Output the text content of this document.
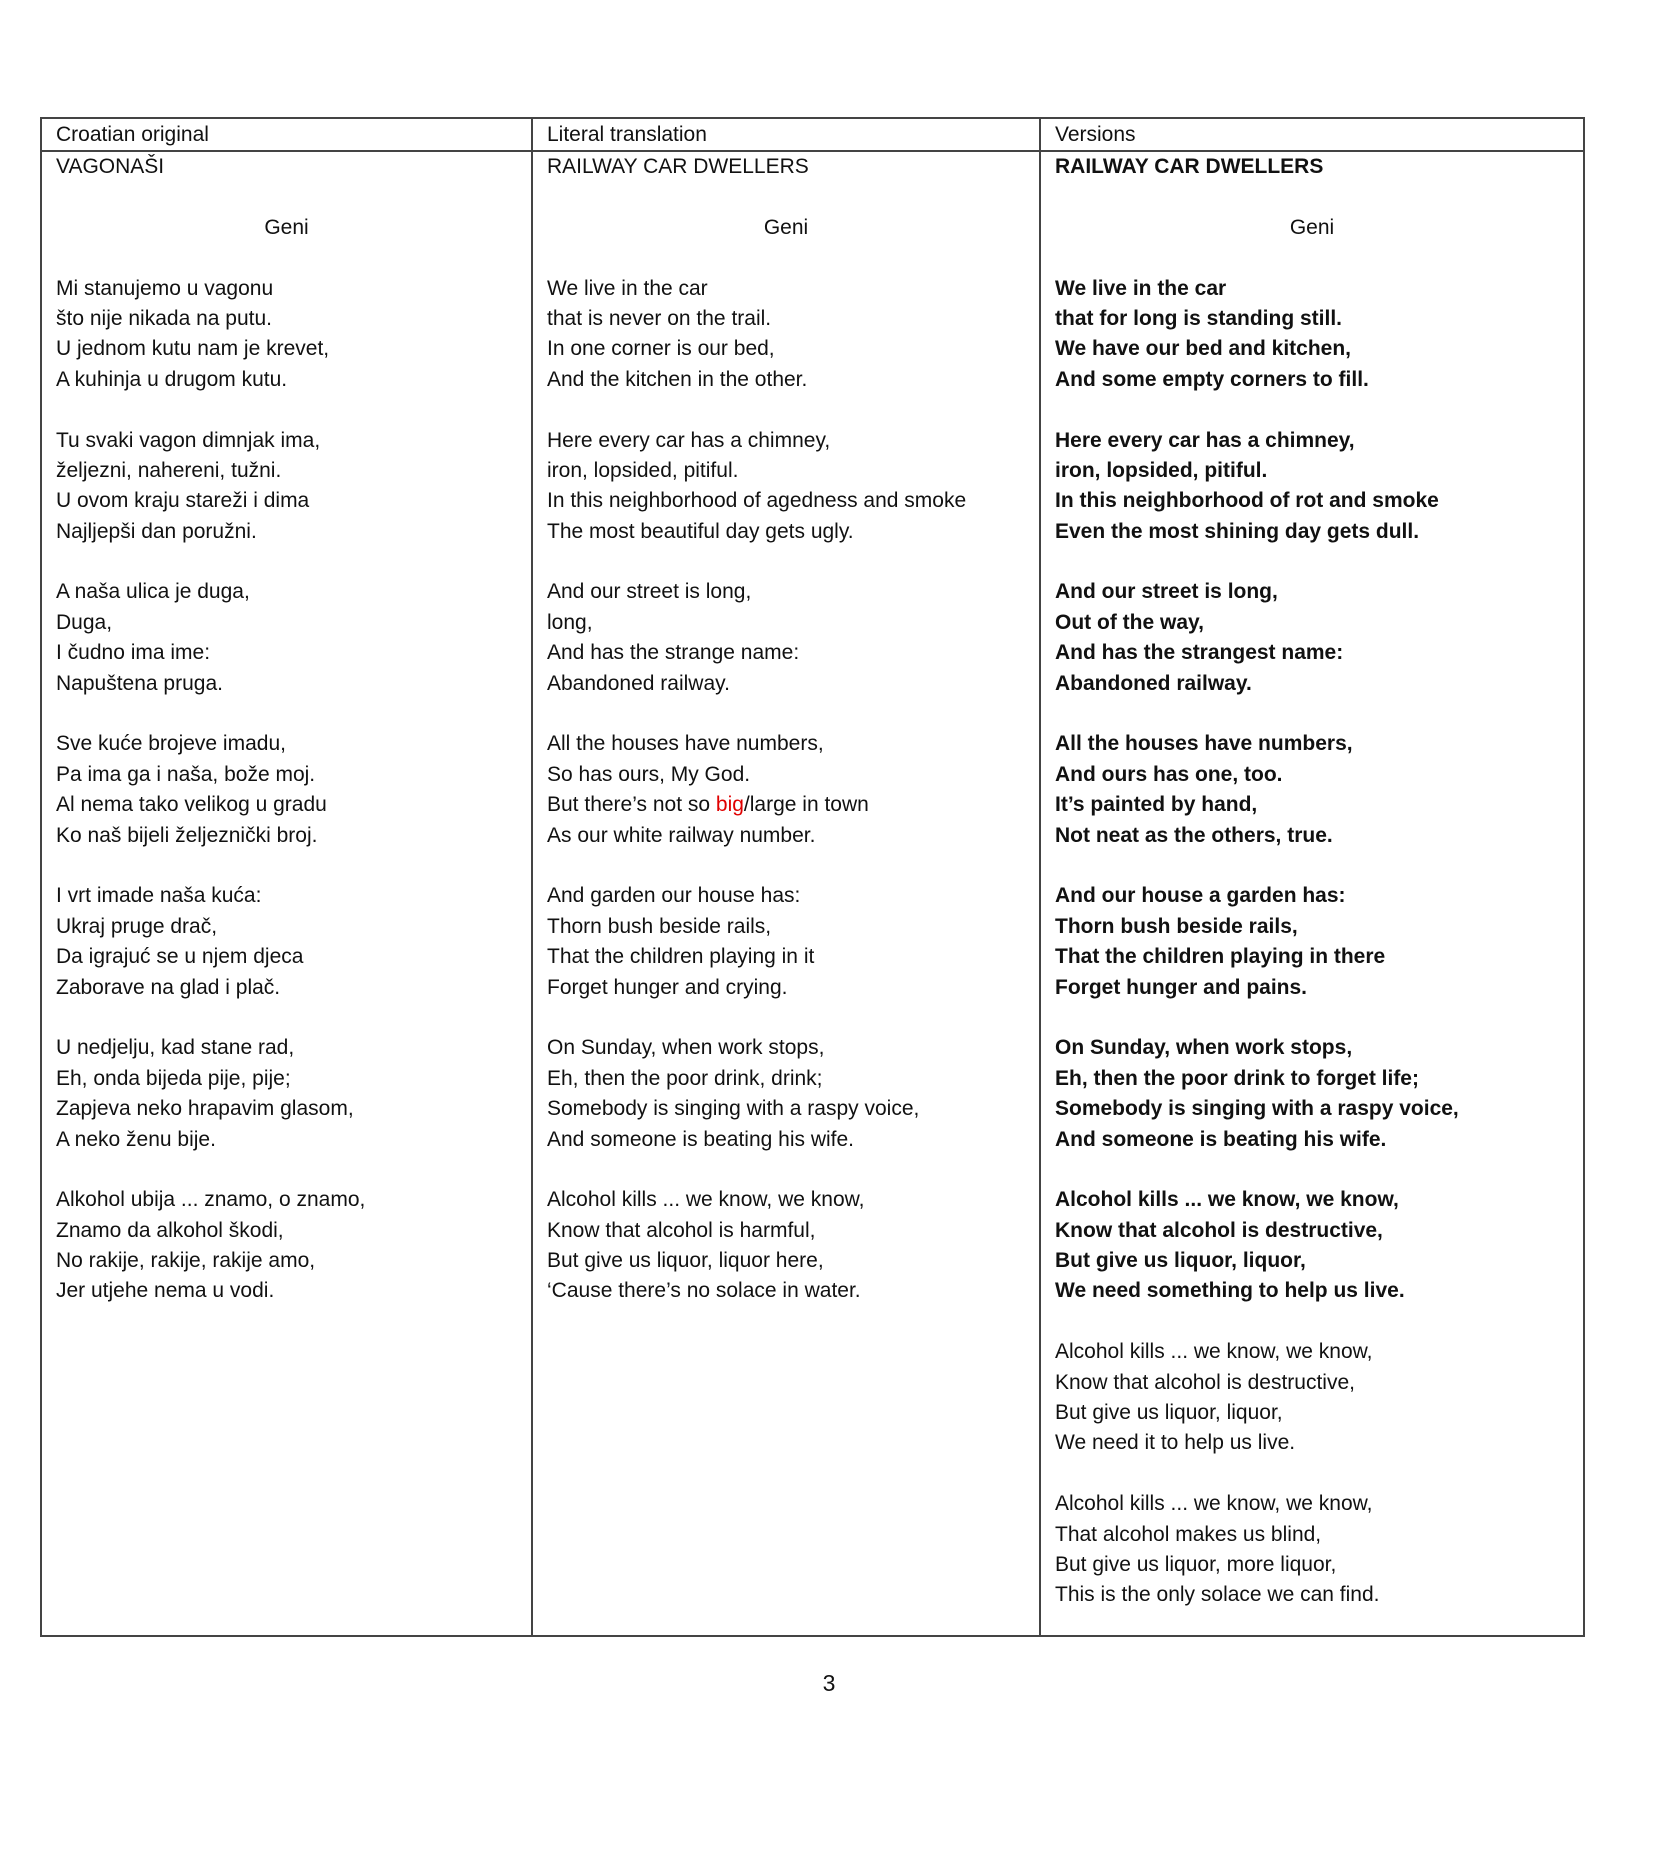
Croatian original
VAGONAŠI
Geni
Mi stanujemo u vagonu
što nije nikada na putu.
U jednom kutu nam je krevet,
A kuhinja u drugom kutu.
Tu svaki vagon dimnjak ima,
željezni, nahereni, tužni.
U ovom kraju stareži i dima
Najljepši dan poružni.
A naša ulica je duga,
Duga,
I čudno ima ime:
Napuštena pruga.
Sve kuće brojeve imadu,
Pa ima ga i naša, bože moj.
Al nema tako velikog u gradu
Ko naš bijeli željeznički broj.
I vrt imade naša kuća:
Ukraj pruge drač,
Da igrajuć se u njem djeca
Zaborave na glad i plač.
U nedjelju, kad stane rad,
Eh, onda bijeda pije, pije;
Zapjeva neko hrapavim glasom,
A neko ženu bije.
Alkohol ubija ... znamo, o znamo,
Znamo da alkohol škodi,
No rakije, rakije, rakije amo,
Jer utjehe nema u vodi.
Literal translation
RAILWAY CAR DWELLERS
Geni
We live in the car
that is never on the trail.
In one corner is our bed,
And the kitchen in the other.
Here every car has a chimney,
iron, lopsided, pitiful.
In this neighborhood of agedness and smoke
The most beautiful day gets ugly.
And our street is long,
long,
And has the strange name:
Abandoned railway.
All the houses have numbers,
So has ours, My God.
But there’s not so big/large in town
As our white railway number.
And garden our house has:
Thorn bush beside rails,
That the children playing in it
Forget hunger and crying.
On Sunday, when work stops,
Eh, then the poor drink, drink;
Somebody is singing with a raspy voice,
And someone is beating his wife.
Alcohol kills ... we know, we know,
Know that alcohol is harmful,
But give us liquor, liquor here,
‘Cause there’s no solace in water.
Versions
RAILWAY CAR DWELLERS
Geni
We live in the car
that for long is standing still.
We have our bed and kitchen,
And some empty corners to fill.
Here every car has a chimney,
iron, lopsided, pitiful.
In this neighborhood of rot and smoke
Even the most shining day gets dull.
And our street is long,
Out of the way,
And has the strangest name:
Abandoned railway.
All the houses have numbers,
And ours has one, too.
It’s painted by hand,
Not neat as the others, true.
And our house a garden has:
Thorn bush beside rails,
That the children playing in there
Forget hunger and pains.
On Sunday, when work stops,
Eh, then the poor drink to forget life;
Somebody is singing with a raspy voice,
And someone is beating his wife.
Alcohol kills ... we know, we know,
Know that alcohol is destructive,
But give us liquor, liquor,
We need something to help us live.
Alcohol kills ... we know, we know,
Know that alcohol is destructive,
But give us liquor, liquor,
We need it to help us live.
Alcohol kills ... we know, we know,
That alcohol makes us blind,
But give us liquor, more liquor,
This is the only solace we can find.
3
